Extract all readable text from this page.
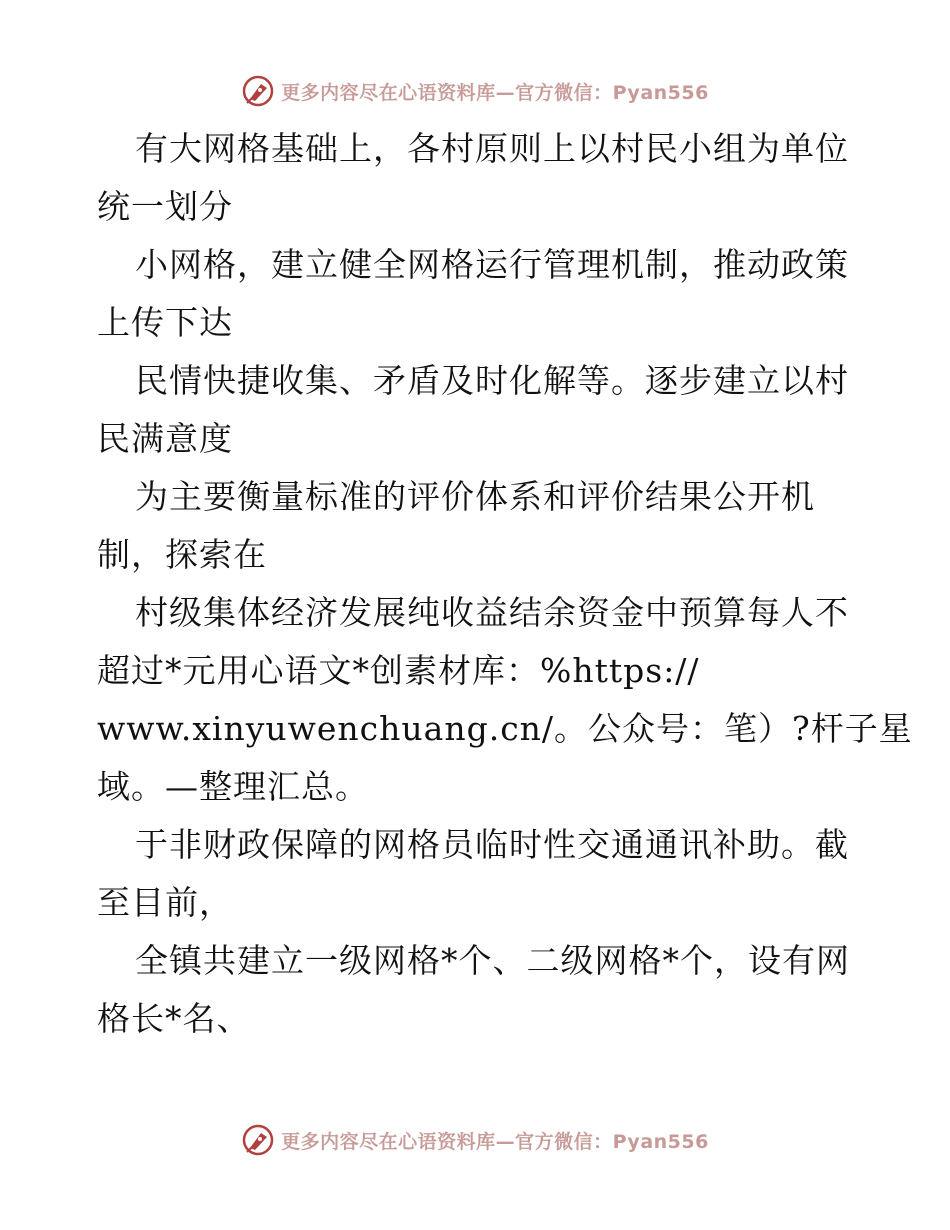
更多内容尽在心语资料库—官方微信：Pyan556
有大网格基础上，各村原则上以村民小组为单位
统一划分
小网格，建立健全网格运行管理机制，推动政策
上传下达
民情快捷收集、矛盾及时化解等。逐步建立以村
民满意度
为主要衡量标准的评价体系和评价结果公开机
制，探索在
村级集体经济发展纯收益结余资金中预算每人不
超过*元用心语文*创素材库：%https://
www.xinyuwenchuang.cn/。公众号：笔）?杆子星
域。—整理汇总。
于非财政保障的网格员临时性交通通讯补助。截
至目前，
全镇共建立一级网格*个、二级网格*个，设有网
格长*名、
更多内容尽在心语资料库—官方微信：Pyan556
